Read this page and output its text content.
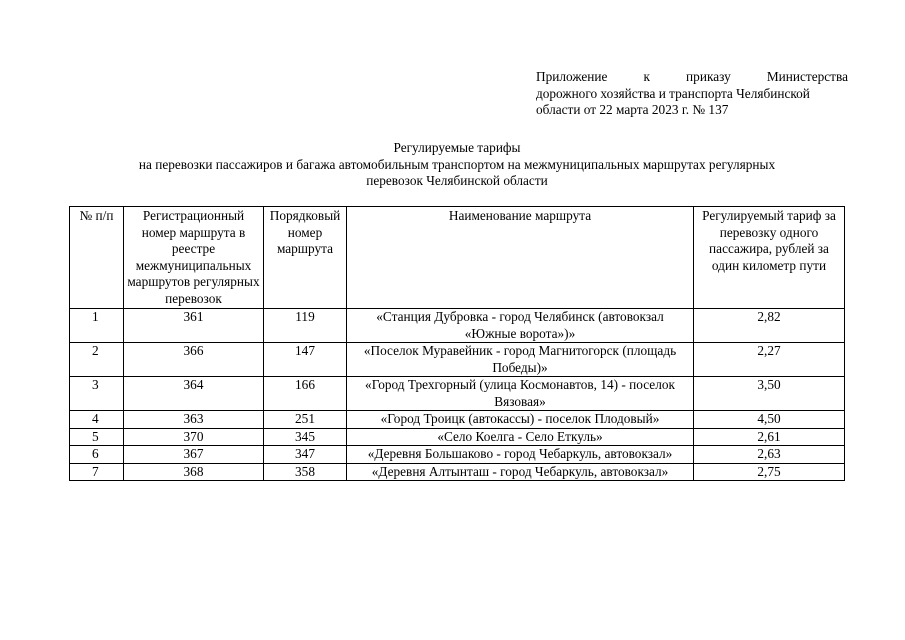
Приложение к приказу Министерства
дорожного хозяйства и транспорта Челябинской
области от 22 марта 2023 г. № 137
Регулируемые тарифы
на перевозки пассажиров и багажа автомобильным транспортом на межмуниципальных маршрутах регулярных
перевозок Челябинской области
№ п/п	Регистрационный номер маршрута в реестре межмуниципальных маршрутов регулярных перевозок	Порядковый номер маршрута	Наименование маршрута	Регулируемый тариф за перевозку одного пассажира, рублей за один километр пути
1	361	119	«Станция Дубровка - город Челябинск (автовокзал «Южные ворота»)»	2,82
2	366	147	«Поселок Муравейник - город Магнитогорск (площадь Победы)»	2,27
3	364	166	«Город Трехгорный (улица Космонавтов, 14) - поселок Вязовая»	3,50
4	363	251	«Город Троицк (автокассы) - поселок Плодовый»	4,50
5	370	345	«Село Коелга - Село Еткуль»	2,61
6	367	347	«Деревня Большаково - город Чебаркуль, автовокзал»	2,63
7	368	358	«Деревня Алтынташ - город Чебаркуль, автовокзал»	2,75
